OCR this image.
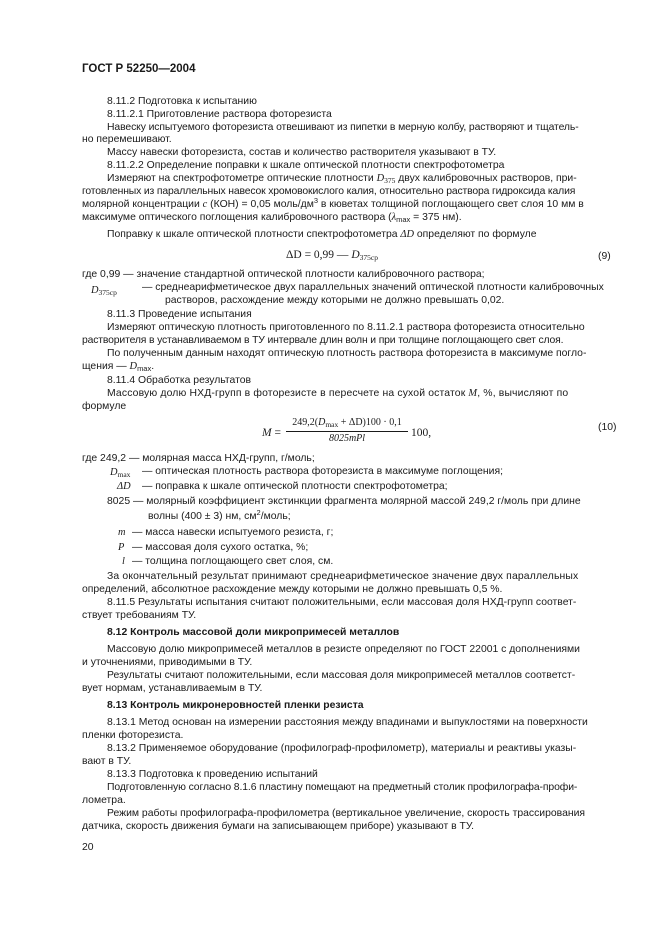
ГОСТ Р 52250—2004
8.11.2 Подготовка к испытанию
8.11.2.1 Приготовление раствора фоторезиста
Навеску испытуемого фоторезиста отвешивают из пипетки в мерную колбу, растворяют и тщатель-
но перемешивают.
Массу навески фоторезиста, состав и количество растворителя указывают в ТУ.
8.11.2.2 Определение поправки к шкале оптической плотности спектрофотометра
Измеряют на спектрофотометре оптические плотности $D_{375}$ двух калибровочных растворов, при-
готовленных из параллельных навесок хромовокислого калия, относительно раствора гидроксида калия
молярной концентрации c (КОН) = 0,05 моль/$дм^3$ в кюветах толщиной поглощающего свет слоя 10 мм в
максимуме оптического поглощения калибровочного раствора ($\lambda_{max} = 375$ нм).
Поправку к шкале оптической плотности спектрофотометра ΔD определяют по формуле
ΔD = 0,99 — $D_{375ср}$	(9)
где 0,99 — значение стандартной оптической плотности калибровочного раствора;
$D_{375ср}$ — среднеарифметическое двух параллельных значений оптической плотности калибровочных
растворов, расхождение между которыми не должно превышать 0,02.
8.11.3 Проведение испытания
Измеряют оптическую плотность приготовленного по 8.11.2.1 раствора фоторезиста относительно
растворителя в устанавливаемом в ТУ интервале длин волн и при толщине поглощающего свет слоя.
По полученным данным находят оптическую плотность раствора фоторезиста в максимуме погло-
щения — $D_{max}$.
8.11.4 Обработка результатов
Массовую долю НХД-групп в фоторезисте в пересчете на сухой остаток M, %, вычисляют по
формуле
M =
$249,2(D_{max} + \Delta D)100 \cdot 0,1$
8025mPl	100,	(10)
где 249,2 — молярная масса НХД-групп, г/моль;
$D_{max}$ — оптическая плотность раствора фоторезиста в максимуме поглощения;
ΔD — поправка к шкале оптической плотности спектрофотометра;
8025 — молярный коэффициент экстинкции фрагмента молярной массой 249,2 г/моль при длине
волны (400 ± 3) нм, $см^2$/моль;
m — масса навески испытуемого резиста, г;
P — массовая доля сухого остатка, %;
l — толщина поглощающего свет слоя, см.
За окончательный результат принимают среднеарифметическое значение двух параллельных
определений, абсолютное расхождение между которыми не должно превышать 0,5 %.
8.11.5 Результаты испытания считают положительными, если массовая доля НХД-групп соответ-
ствует требованиям ТУ.
8.12 Контроль массовой доли микропримесей металлов
Массовую долю микропримесей металлов в резисте определяют по ГОСТ 22001 с дополнениями
и уточнениями, приводимыми в ТУ.
Результаты считают положительными, если массовая доля микропримесей металлов соответст-
вует нормам, устанавливаемым в ТУ.
8.13 Контроль микронеровностей пленки резиста
8.13.1 Метод основан на измерении расстояния между впадинами и выпуклостями на поверхности
пленки фоторезиста.
8.13.2 Применяемое оборудование (профилограф-профилометр), материалы и реактивы указы-
вают в ТУ.
8.13.3 Подготовка к проведению испытаний
Подготовленную согласно 8.1.6 пластину помещают на предметный столик профилографа-профи-
лометра.
Режим работы профилографа-профилометра (вертикальное увеличение, скорость трассирования
датчика, скорость движения бумаги на записывающем приборе) указывают в ТУ.
20
